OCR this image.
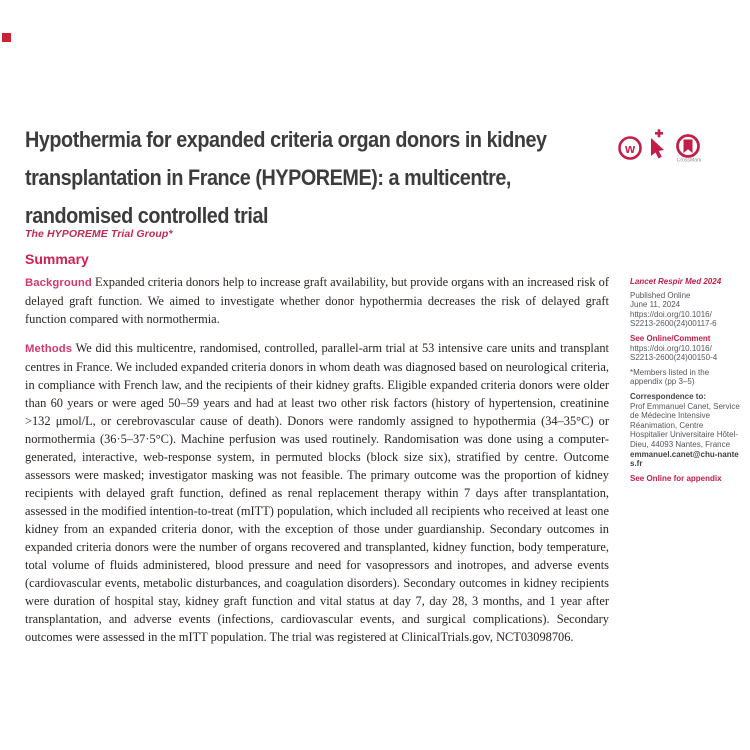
Hypothermia for expanded criteria organ donors in kidney
transplantation in France (HYPOREME): a multicentre,
randomised controlled trial
w
CrossMark
The HYPOREME Trial Group*
Summary

Background Expanded criteria donors help to increase graft availability, but provide organs with an increased risk of delayed graft function. We aimed to investigate whether donor hypothermia decreases the risk of delayed graft function compared with normothermia.

Methods We did this multicentre, randomised, controlled, parallel-arm trial at 53 intensive care units and transplant centres in France. We included expanded criteria donors in whom death was diagnosed based on neurological criteria, in compliance with French law, and the recipients of their kidney grafts. Eligible expanded criteria donors were older than 60 years or were aged 50–59 years and had at least two other risk factors (history of hypertension, creatinine >132 μmol/L, or cerebrovascular cause of death). Donors were randomly assigned to hypothermia (34–35°C) or normothermia (36·5–37·5°C). Machine perfusion was used routinely. Randomisation was done using a computer-generated, interactive, web-response system, in permuted blocks (block size six), stratified by centre. Outcome assessors were masked; investigator masking was not feasible. The primary outcome was the proportion of kidney recipients with delayed graft function, defined as renal replacement therapy within 7 days after transplantation, assessed in the modified intention-to-treat (mITT) population, which included all recipients who received at least one kidney from an expanded criteria donor, with the exception of those under guardianship. Secondary outcomes in expanded criteria donors were the number of organs recovered and transplanted, kidney function, body temperature, total volume of fluids administered, blood pressure and need for vasopressors and inotropes, and adverse events (cardiovascular events, metabolic disturbances, and coagulation disorders). Secondary outcomes in kidney recipients were duration of hospital stay, kidney graft function and vital status at day 7, day 28, 3 months, and 1 year after transplantation, and adverse events (infections, cardiovascular events, and surgical complications). Secondary outcomes were assessed in the mITT population. The trial was registered at ClinicalTrials.gov, NCT03098706.

Lancet Respir Med 2024
Published Online
June 11, 2024
https://doi.org/10.1016/
S2213-2600(24)00117-6
See Online/Comment
https://doi.org/10.1016/
S2213-2600(24)00150-4
*Members listed in the appendix (pp 3–5)
Correspondence to:
Prof Emmanuel Canet, Service de Médecine Intensive Réanimation, Centre Hospitalier Universitaire Hôtel-Dieu, 44093 Nantes, France
emmanuel.canet@chu-nantes.fr
See Online for appendix
